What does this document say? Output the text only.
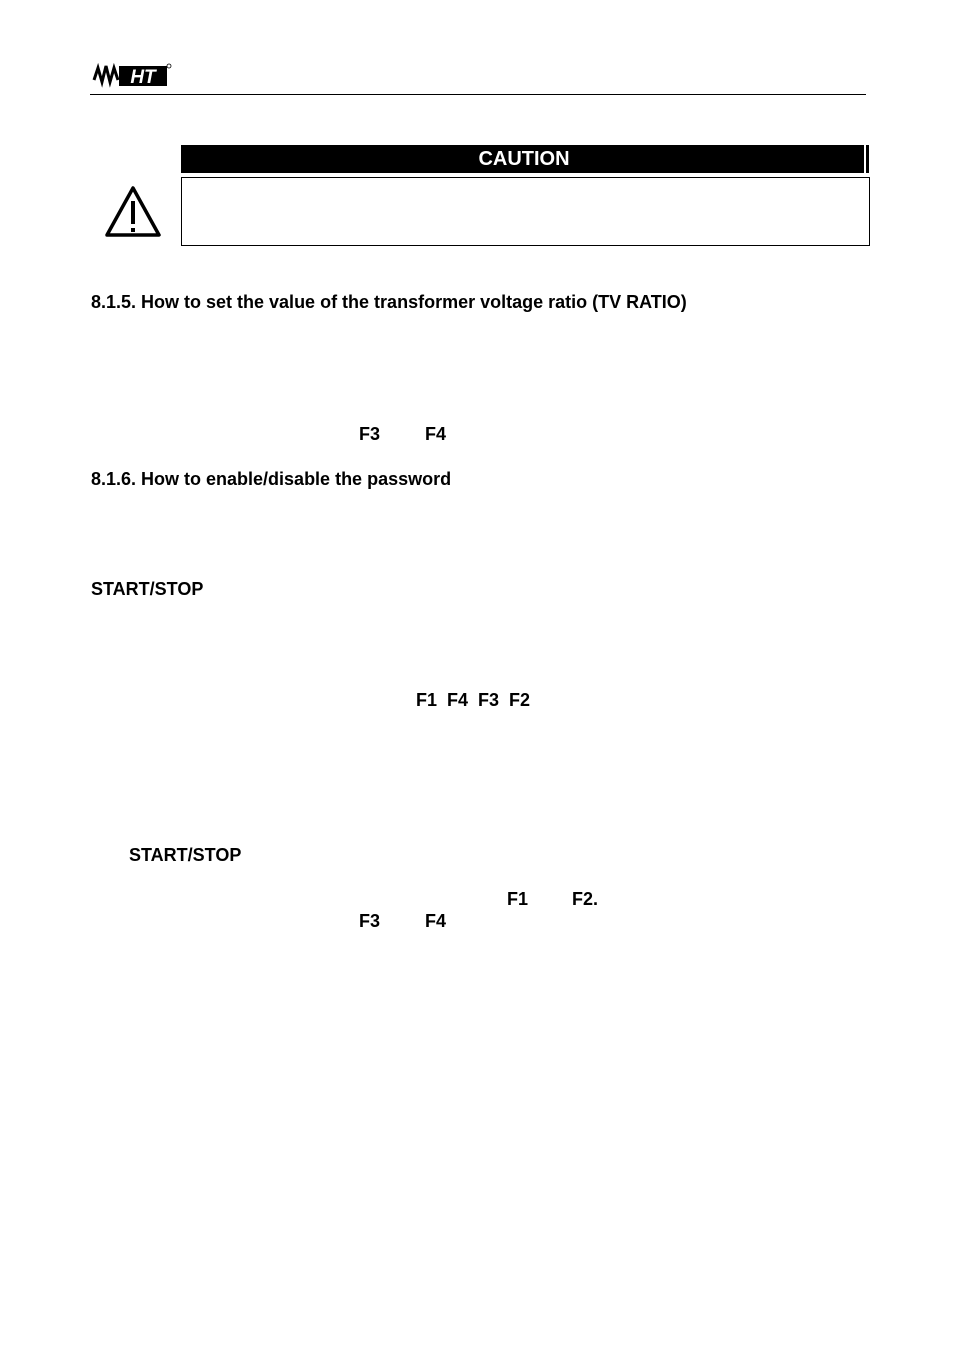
HT
CAUTION
8.1.5. How to set the value of the transformer voltage ratio (TV RATIO)
F3 F4
8.1.6. How to enable/disable the password
START/STOP
F1  F4  F3  F2
START/STOP
F1 F2.
F3 F4
